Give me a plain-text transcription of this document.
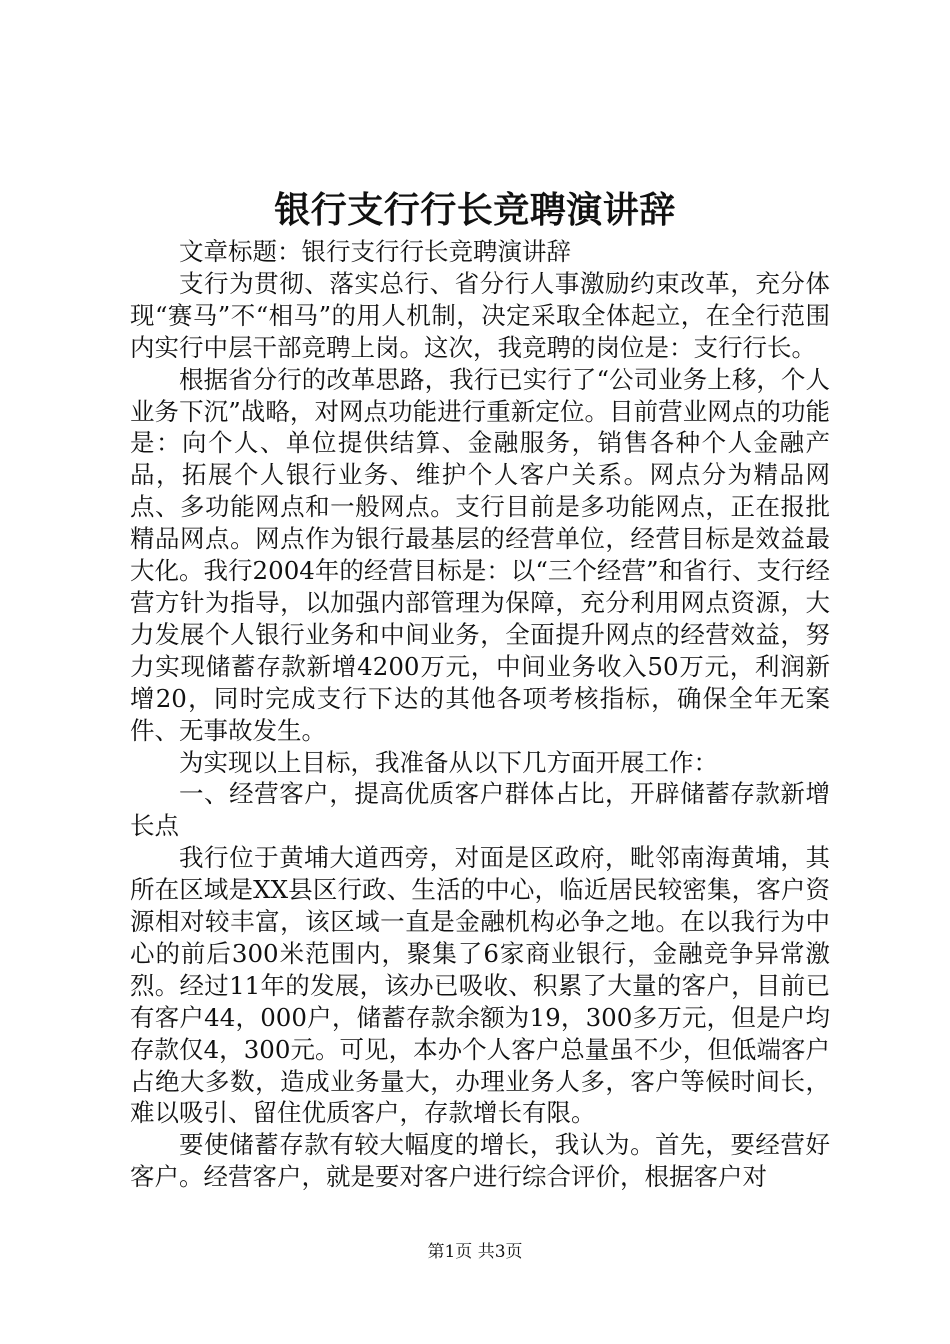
银行支行行长竞聘演讲辞

文章标题：银行支行行长竞聘演讲辞

支行为贯彻、落实总行、省分行人事激励约束改革，充分体现“赛马”不“相马”的用人机制，决定采取全体起立，在全行范围内实行中层干部竞聘上岗。这次，我竞聘的岗位是：支行行长。

根据省分行的改革思路，我行已实行了“公司业务上移，个人业务下沉”战略，对网点功能进行重新定位。目前营业网点的功能是：向个人、单位提供结算、金融服务，销售各种个人金融产品，拓展个人银行业务、维护个人客户关系。网点分为精品网点、多功能网点和一般网点。支行目前是多功能网点，正在报批精品网点。网点作为银行最基层的经营单位，经营目标是效益最大化。我行2004年的经营目标是：以“三个经营”和省行、支行经营方针为指导，以加强内部管理为保障，充分利用网点资源，大力发展个人银行业务和中间业务，全面提升网点的经营效益，努力实现储蓄存款新增4200万元，中间业务收入50万元，利润新增20，同时完成支行下达的其他各项考核指标，确保全年无案件、无事故发生。

为实现以上目标，我准备从以下几方面开展工作：

一、经营客户，提高优质客户群体占比，开辟储蓄存款新增长点

我行位于黄埔大道西旁，对面是区政府，毗邻南海黄埔，其所在区域是XX县区行政、生活的中心，临近居民较密集，客户资源相对较丰富，该区域一直是金融机构必争之地。在以我行为中心的前后300米范围内，聚集了6家商业银行，金融竞争异常激烈。经过11年的发展，该办已吸收、积累了大量的客户，目前已有客户44，000户，储蓄存款余额为19，300多万元，但是户均存款仅4，300元。可见，本办个人客户总量虽不少，但低端客户占绝大多数，造成业务量大，办理业务人多，客户等候时间长，难以吸引、留住优质客户，存款增长有限。

要使储蓄存款有较大幅度的增长，我认为。首先，要经营好客户。经营客户，就是要对客户进行综合评价，根据客户对

第1页 共3页
